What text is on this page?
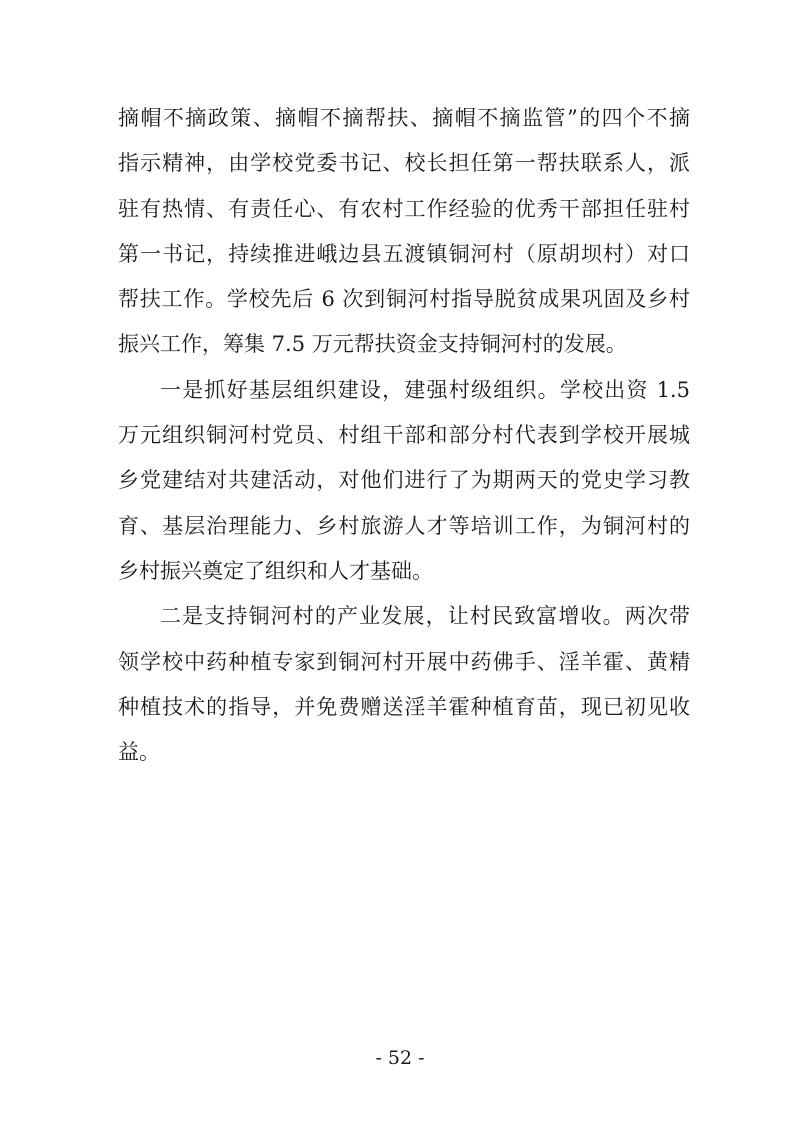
摘帽不摘政策、摘帽不摘帮扶、摘帽不摘监管”的四个不摘
指示精神，由学校党委书记、校长担任第一帮扶联系人，派
驻有热情、有责任心、有农村工作经验的优秀干部担任驻村
第一书记，持续推进峨边县五渡镇铜河村（原胡坝村）对口
帮扶工作。学校先后 6 次到铜河村指导脱贫成果巩固及乡村
振兴工作，筹集 7.5 万元帮扶资金支持铜河村的发展。
一是抓好基层组织建设，建强村级组织。学校出资 1.5
万元组织铜河村党员、村组干部和部分村代表到学校开展城
乡党建结对共建活动，对他们进行了为期两天的党史学习教
育、基层治理能力、乡村旅游人才等培训工作，为铜河村的
乡村振兴奠定了组织和人才基础。
二是支持铜河村的产业发展，让村民致富增收。两次带
领学校中药种植专家到铜河村开展中药佛手、淫羊霍、黄精
种植技术的指导，并免费赠送淫羊霍种植育苗，现已初见收
益。
- 52 -
